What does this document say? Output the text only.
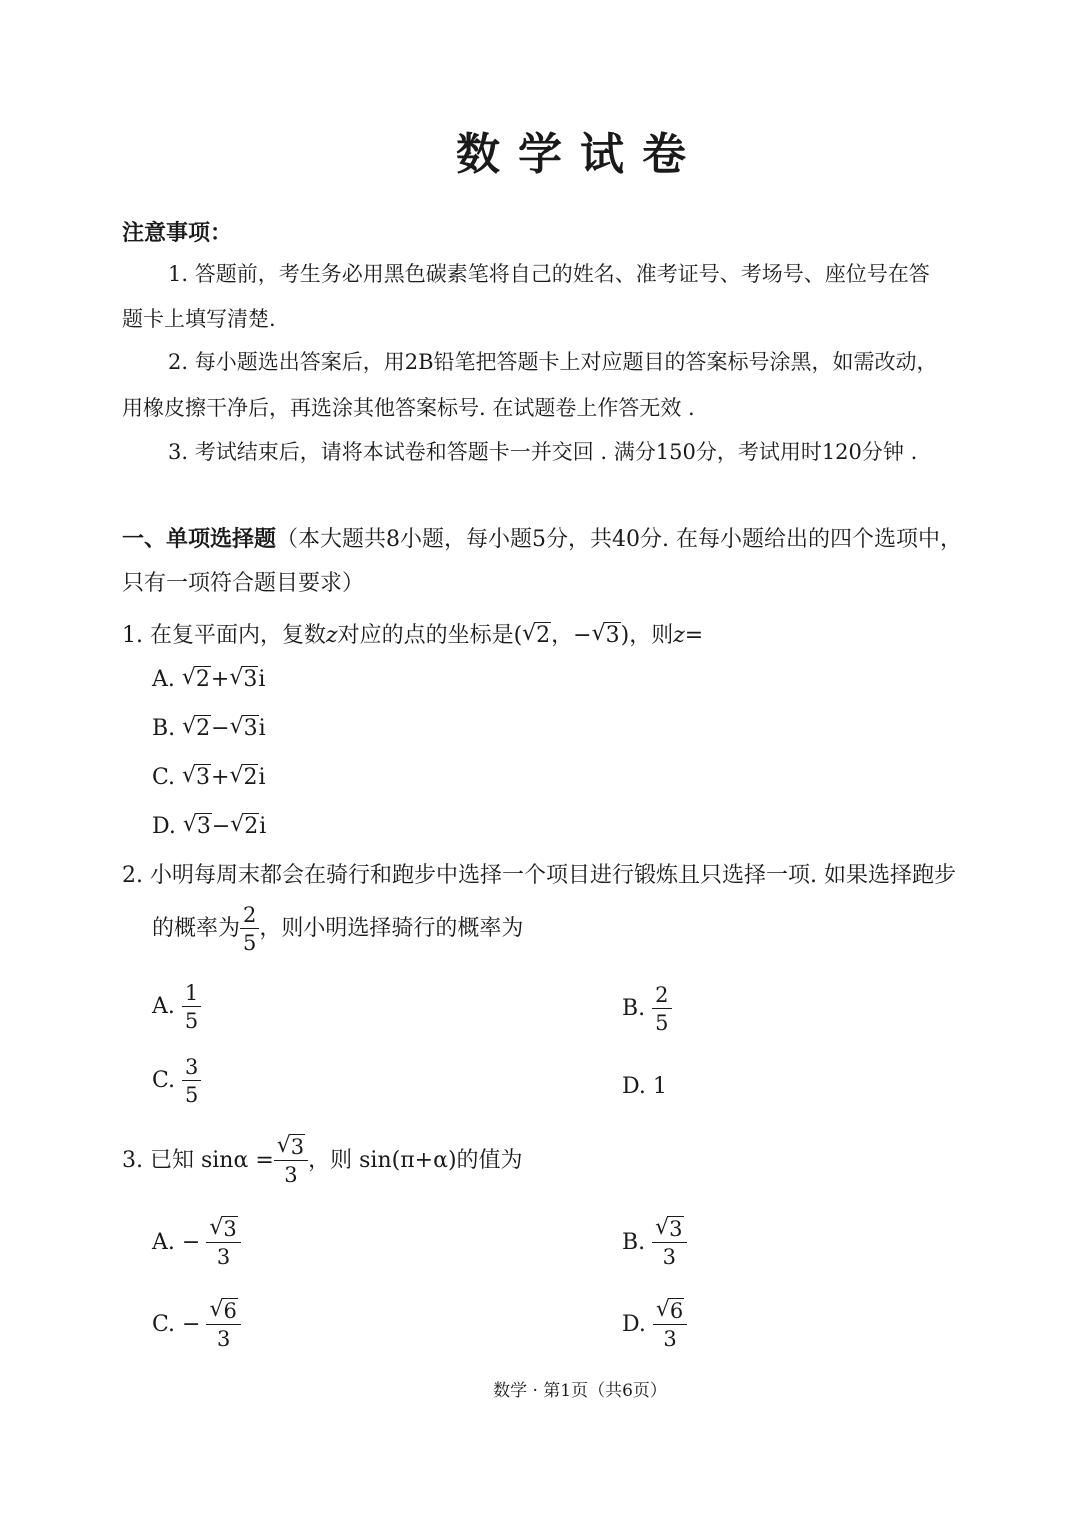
数学试卷
注意事项：
1. 答题前，考生务必用黑色碳素笔将自己的姓名、准考证号、考场号、座位号在答
题卡上填写清楚.
2. 每小题选出答案后，用2B铅笔把答题卡上对应题目的答案标号涂黑，如需改动，
用橡皮擦干净后，再选涂其他答案标号. 在试题卷上作答无效 .
3. 考试结束后，请将本试卷和答题卡一并交回 . 满分150分，考试用时120分钟 .
一、单项选择题（本大题共8小题，每小题5分，共40分. 在每小题给出的四个选项中，
只有一项符合题目要求）
1. 在复平面内，复数z对应的点的坐标是( √ 2，− √ 3)，则z=
A. √ 2+ √ 3i
B. √ 2− √ 3i
C. √ 3+ √ 2i
D. √ 3− √ 2i
2. 小明每周末都会在骑行和跑步中选择一个项目进行锻炼且只选择一项. 如果选择跑步
的概率为 $\frac{2}{5}$ ，则小明选择骑行的概率为
A. $\frac{1}{5}$	B. $\frac{2}{5}$
C. $\frac{3}{5}$	D. 1
3. 已知 sinα = √ $\frac{3}{3}$ ，则 sin(π+α)的值为
A. − √ $\frac{3}{3}$	B. √ $\frac{3}{3}$
C. − √ $\frac{6}{3}$	D. √ $\frac{6}{3}$
数学 · 第1页（共6页）
